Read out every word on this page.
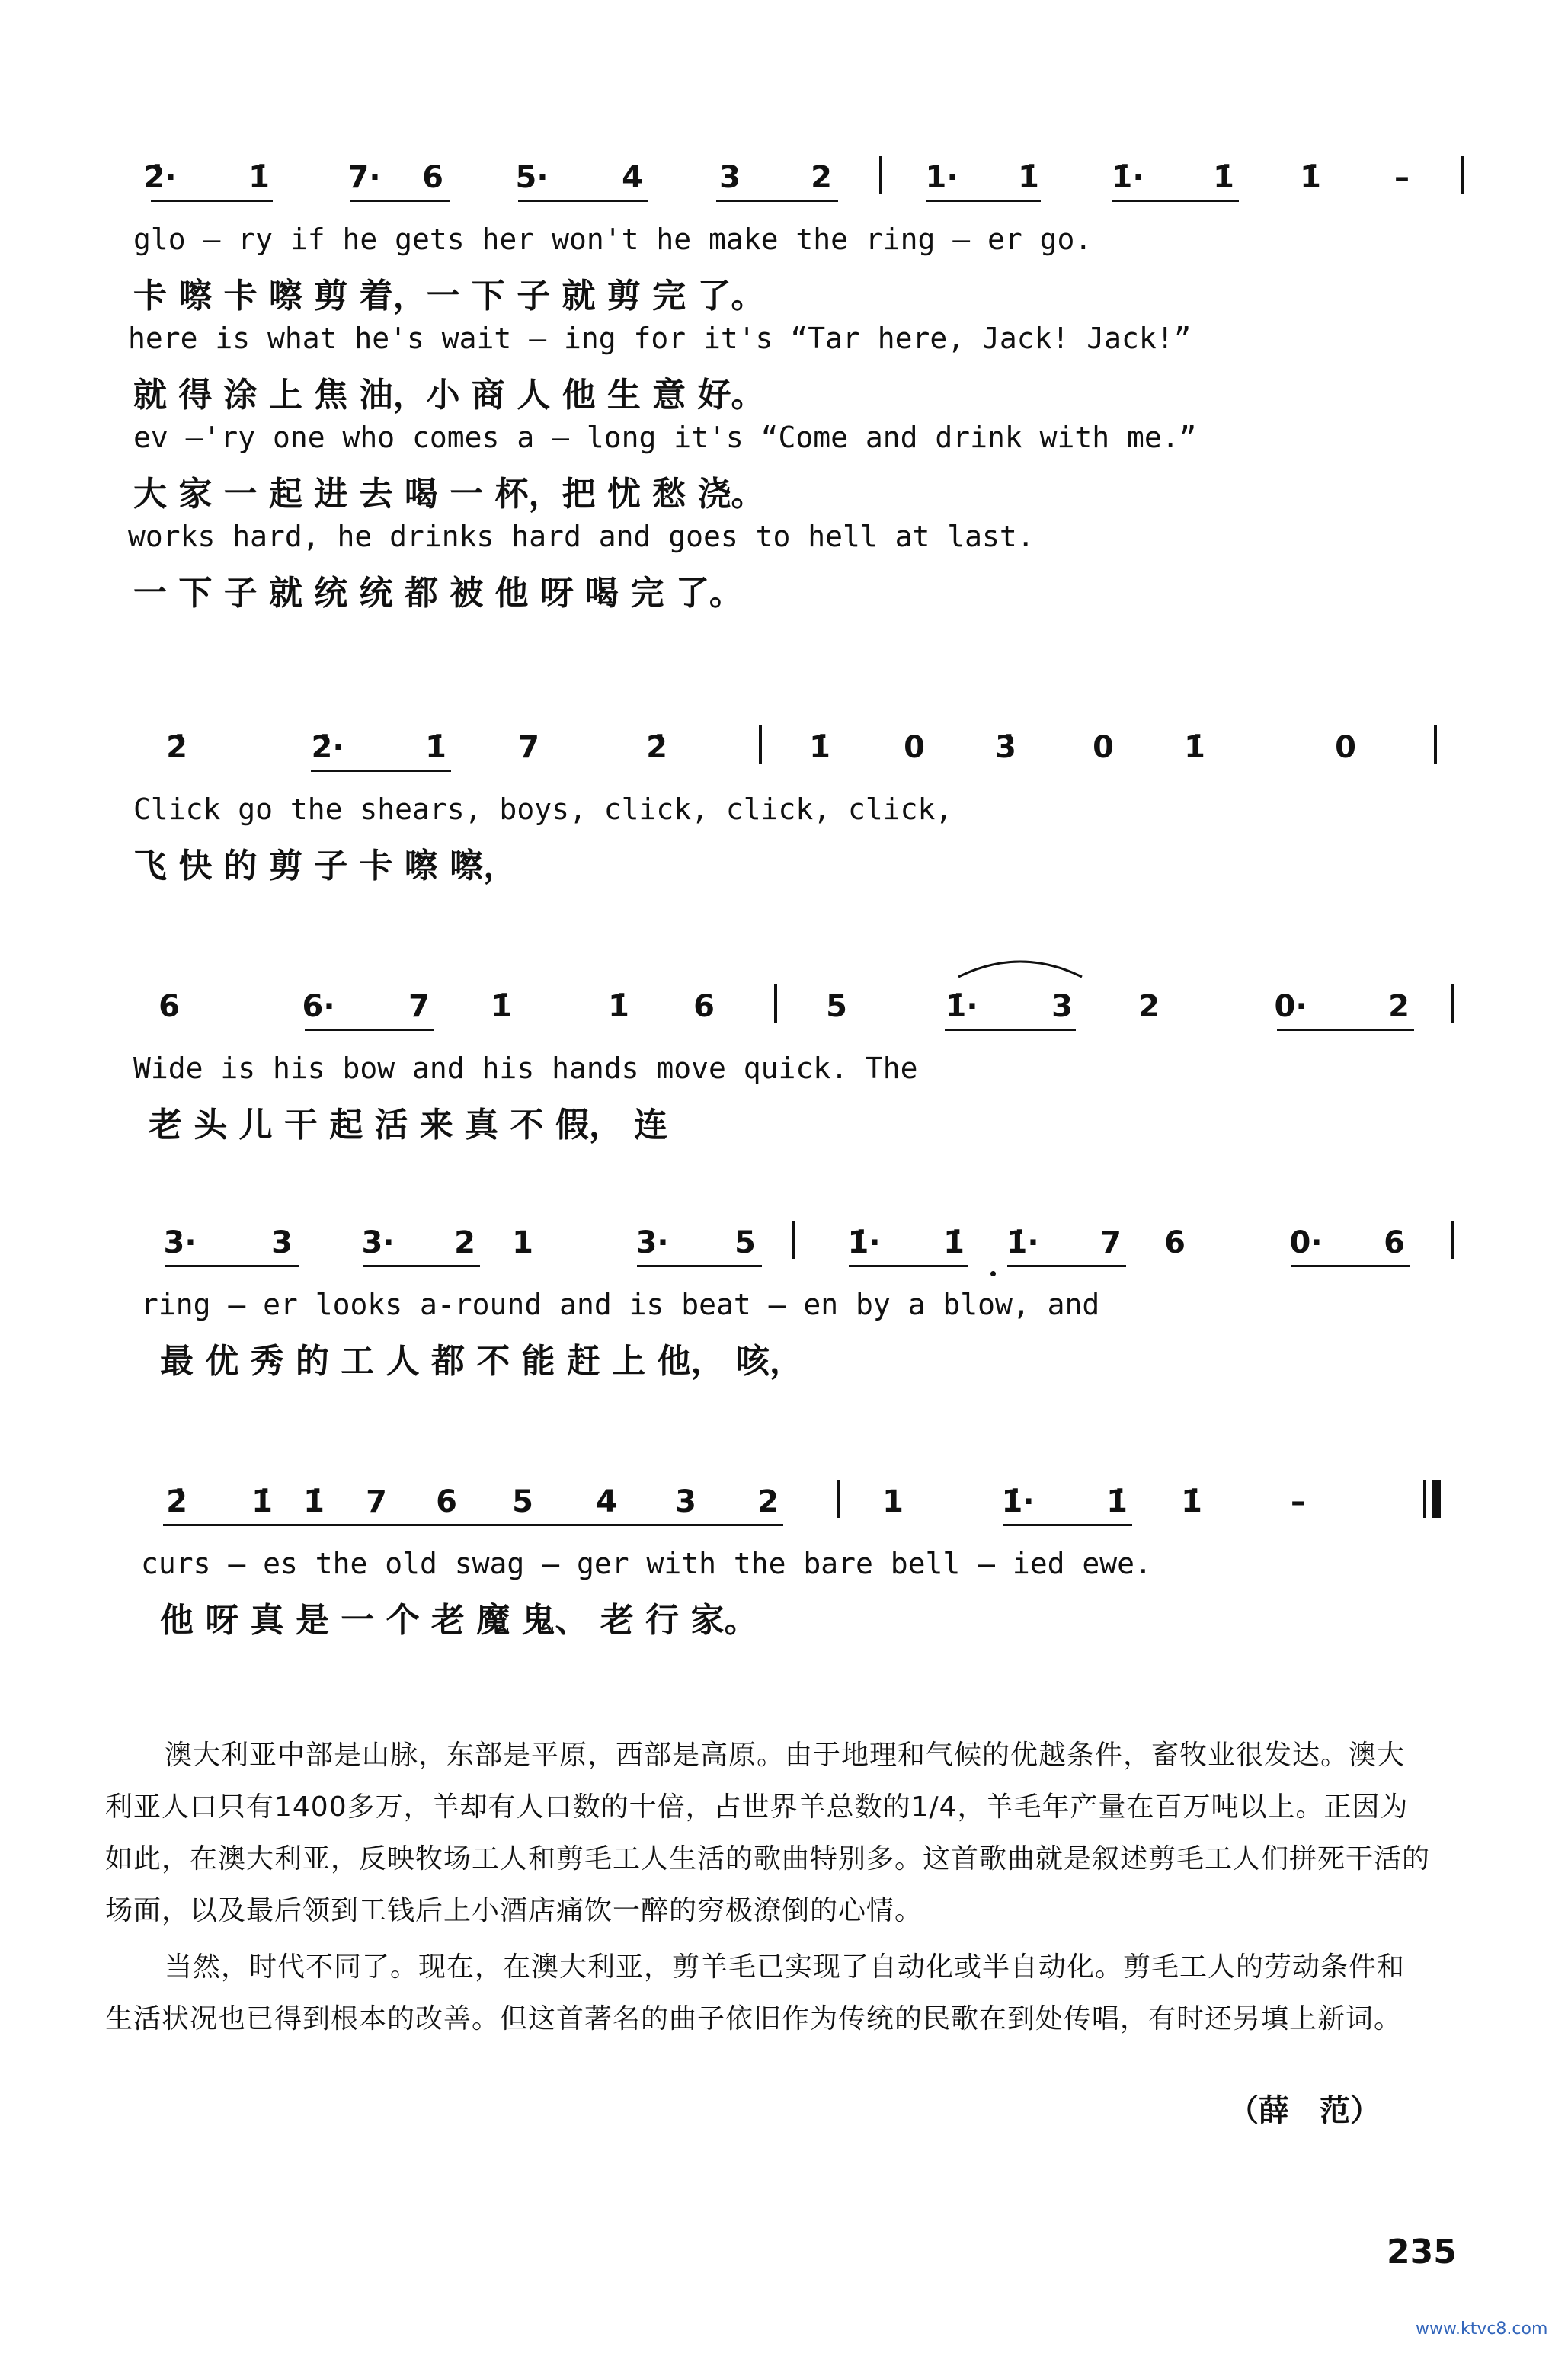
2̇· 1̇	7· 6 5· 4	3 2	1· 1̇ 1̇· 1̇ 1̇ –
glo – ry if he gets her won't he make the ring – er go.
卡 嚓 卡 嚓 剪 着，一 下 子 就 剪 完 了。
here is what he's wait – ing for it's “Tar here, Jack! Jack!”
就 得 涂 上 焦 油，小 商 人 他 生 意 好。
ev –'ry one who comes a – long it's “Come and drink with me.”
大 家 一 起 进 去 喝 一 杯，把 忧 愁 浇。
works hard, he drinks hard and goes to hell at last.
一 下 子 就 统 统 都 被 他 呀 喝 完 了。
2̇	2̇·	1̇ 7	2̇	1̇ 0 3̇	0 1̇	0
Click go the shears, boys, click, click, click,
飞 快 的 剪 子 卡 嚓 嚓，
6	6· 7 1̇	1̇ 6	5	1̇· 3 2	0·	2
Wide is his bow and his hands move quick. The
老 头 儿 干 起 活 来 真 不 假， 连
3· 3 3· 2 1	3· 5	1̇· 1̇ 1̇· 7 6	0· 6
ring – er looks a-round and is beat – en by a blow, and
最 优 秀 的 工 人 都 不 能 赶 上 他， 咳，
2̇ 1̇ 1̇ 7 6 5 4 3 2	1	1̇· 1̇ 1̇	–
curs – es the old swag – ger with the bare bell – ied ewe.
他 呀 真 是 一 个 老 魔 鬼、 老 行 家。

澳大利亚中部是山脉，东部是平原，西部是高原。由于地理和气候的优越条件，畜牧业很发达。澳大利亚人口只有1400多万，羊却有人口数的十倍，占世界羊总数的1/4，羊毛年产量在百万吨以上。正因为如此，在澳大利亚，反映牧场工人和剪毛工人生活的歌曲特别多。这首歌曲就是叙述剪毛工人们拼死干活的场面，以及最后领到工钱后上小酒店痛饮一醉的穷极潦倒的心情。

当然，时代不同了。现在，在澳大利亚，剪羊毛已实现了自动化或半自动化。剪毛工人的劳动条件和生活状况也已得到根本的改善。但这首著名的曲子依旧作为传统的民歌在到处传唱，有时还另填上新词。

（薛　范）
235
www.ktvc8.com
